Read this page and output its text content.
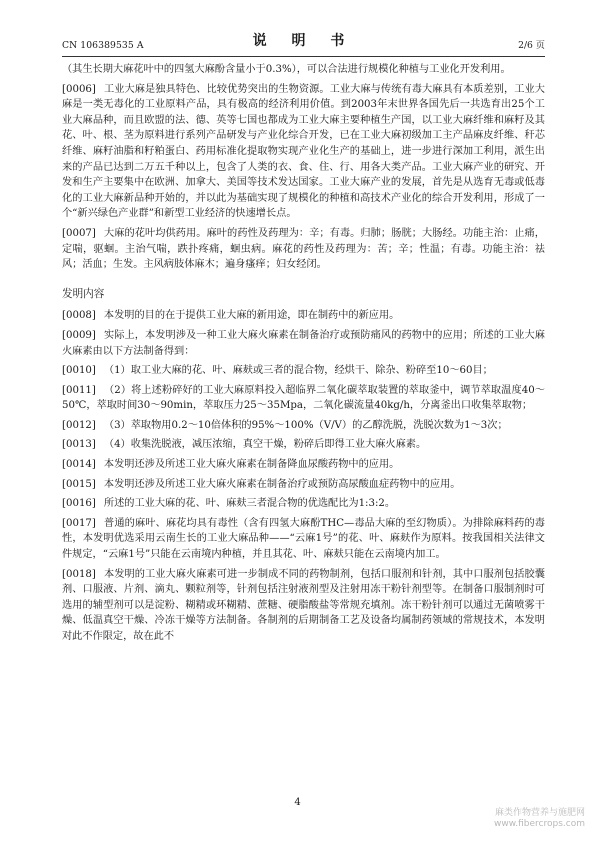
CN 106389535 A	说 明 书	2/6 页

（其生长期大麻花叶中的四氢大麻酚含量小于0.3%），可以合法进行规模化种植与工业化开发利用。

[0006] 工业大麻是独具特色、比较优势突出的生物资源。工业大麻与传统有毒大麻具有本质差别，工业大麻是一类无毒化的工业原料产品，具有极高的经济利用价值。到2003年末世界各国先后一共选育出25个工业大麻品种，而且欧盟的法、德、英等七国也都成为工业大麻主要种植生产国，以工业大麻纤维和麻籽及其花、叶、根、茎为原料进行系列产品研发与产业化综合开发，已在工业大麻初级加工主产品麻皮纤维、秆芯纤维、麻籽油脂和籽粕蛋白、药用标准化提取物实现产业化生产的基础上，进一步进行深加工利用，派生出来的产品已达到二万五千种以上，包含了人类的衣、食、住、行、用各大类产品。工业大麻产业的研究、开发和生产主要集中在欧洲、加拿大、美国等技术发达国家。工业大麻产业的发展，首先是从选育无毒或低毒化的工业大麻新品种开始的，并以此为基础实现了规模化的种植和高技术产业化的综合开发利用，形成了一个“新兴绿色产业群”和新型工业经济的快速增长点。

[0007] 大麻的花叶均供药用。麻叶的药性及药理为：辛；有毒。归肺；肠胱；大肠经。功能主治：止痛，定喘，驱蛔。主治气喘，跌扑疼痛，蛔虫病。麻花的药性及药理为：苦；辛；性温；有毒。功能主治：祛风；活血；生发。主风病肢体麻木；遍身瘙痒；妇女经闭。

发明内容

[0008] 本发明的目的在于提供工业大麻的新用途，即在制药中的新应用。

[0009] 实际上，本发明涉及一种工业大麻火麻素在制备治疗或预防痛风的药物中的应用；所述的工业大麻火麻素由以下方法制备得到：

[0010] （1）取工业大麻的花、叶、麻麸或三者的混合物，经烘干、除杂、粉碎至10～60目；

[0011] （2）将上述粉碎好的工业大麻原料投入超临界二氧化碳萃取装置的萃取釜中，调节萃取温度40～50℃，萃取时间30～90min，萃取压力25～35Mpa，二氧化碳流量40kg/h，分离釜出口收集萃取物；

[0012] （3）萃取物用0.2～10倍体积的95%～100%（V/V）的乙醇洗脱，洗脱次数为1～3次；

[0013] （4）收集洗脱液，减压浓缩，真空干燥，粉碎后即得工业大麻火麻素。

[0014] 本发明还涉及所述工业大麻火麻素在制备降血尿酸药物中的应用。

[0015] 本发明还涉及所述工业大麻火麻素在制备治疗或预防高尿酸血症药物中的应用。

[0016] 所述的工业大麻的花、叶、麻麸三者混合物的优选配比为1:3:2。

[0017] 普通的麻叶、麻花均具有毒性（含有四氢大麻酚THC—毒品大麻的至幻物质）。为排除麻料药的毒性，本发明优选采用云南生长的工业大麻品种——“云麻1号”的花、叶、麻麸作为原料。按我国相关法律文件规定，“云麻1号”只能在云南境内种植，并且其花、叶、麻麸只能在云南境内加工。

[0018] 本发明的工业大麻火麻素可进一步制成不同的药物制剂，包括口服剂和针剂，其中口服剂包括胶囊剂、口服液、片剂、滴丸、颗粒剂等，针剂包括注射液剂型及注射用冻干粉针剂型等。在制备口服制剂时可选用的辅型剂可以是淀粉、糊精或环糊精、蔗糖、硬脂酸盐等常规充填剂。冻干粉针剂可以通过无菌喷雾干燥、低温真空干燥、冷冻干燥等方法制备。各制剂的后期制备工艺及设备均属制药领域的常规技术，本发明对此不作限定，故在此不

4
麻类作物营养与施肥网
www.fibercrops.com
